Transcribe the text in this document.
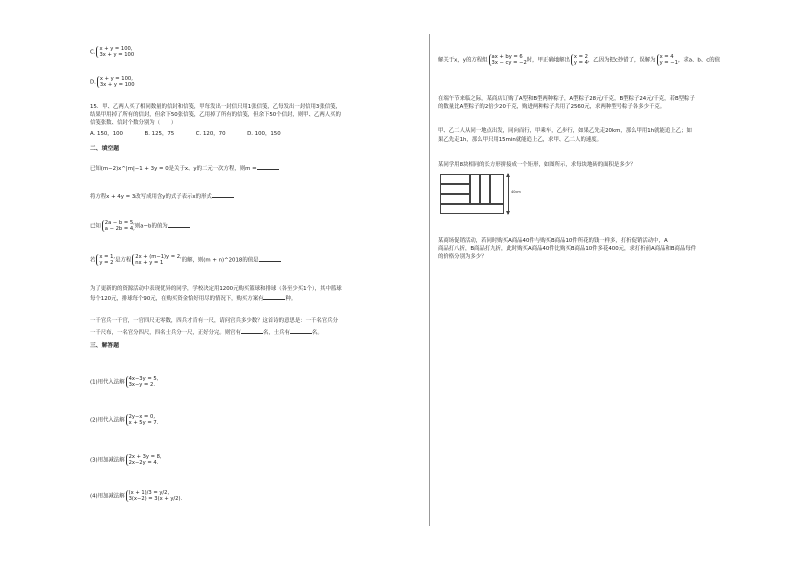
C.
x + y = 100,
3x + y = 100
D.
x + y = 100,
3x + y = 100
15．甲、乙两人买了相同数量的信封和信笺，甲每发出一封信只用1张信笺，乙每发出一封信用3张信笺，
结果甲用掉了所有的信封，但余下50张信笺，乙用掉了所有的信笺，但余下50个信封，则甲、乙两人买的
信笺张数、信封个数分别为（　　）
A. 150，100　　　　B. 125，75　　　　C. 120，70　　　　D. 100，150
二、填空题
已知(m−2)x^|m|−1 + 3y = 0是关于x、y的二元一次方程，则m =
将方程x + 4y = 3改写成用含y的式子表示x的形式
已知
2a − b = 5,
a − 2b = 4, 则a−b的值为
若
x = 1,
y = 2 是方程
2x + (m−1)y = 2,
nx + y = 1	的解，则(m + n)^2018的值是
为了更新的的资源活动中表现优异的同学，学校决定用1200元购买篮球和排球（各至少买1个），其中篮球
每个120元，排球每个90元，在购买资金恰好用尽的情况下，购买方案有	种。
一千官兵一千官，一官四尺无零数，四兵才肯有一尺，请问官兵多少数？这首诗的意思是：一千名官兵分
一千尺布，一名官分四尺，四名士兵分一尺，正好分完。则官有	名，士兵有	名。
三、解答题
(1)用代入法解
4x−3y = 5,
3x−y = 2.
(2)用代入法解
2y−x = 0,
x + 5y = 7.
(3)用加减法解
2x + 3y = 8,
2x−2y = 4.
(4)用加减法解
(x + 1)/3 = y/2,
3(x−2) = 3(x + y/2).
解关于x，y的方程组
ax + by = 6
3x − cy = −2 时，甲正确地解出
x = 2
y = 4 ，乙因为把c抄错了，误解为
x = 4
y = −1 ，求a、b、c的值
在端午节来临之际，某商店订购了A型和B型两种粽子，A型粽子28元/千克，B型粽子24元/千克，若B型粽子
的数量比A型粽子的2倍少20千克，购进两种粽子共用了2560元，求两种型号粽子各多少千克。
甲、乙二人从同一地点出发，同向而行，甲乘车，乙步行，如果乙先走20km，那么甲用1h就能追上乙；如
果乙先走1h，那么甲只用15min就能追上乙，求甲、乙二人的速度。
某同学用8块相同的长方形拼接成一个矩形，如图所示，求每块地砖的面积是多少？
40cm
某商场促销活动，若同时购买A商品40件与购买B商品10件所花的钱一样多，打折促销活动中，A
商品打八折，B商品打九折，此时购买A商品40件比购买B商品10件多花400元，求打折前A商品和B商品每件
的价格分别为多少？
